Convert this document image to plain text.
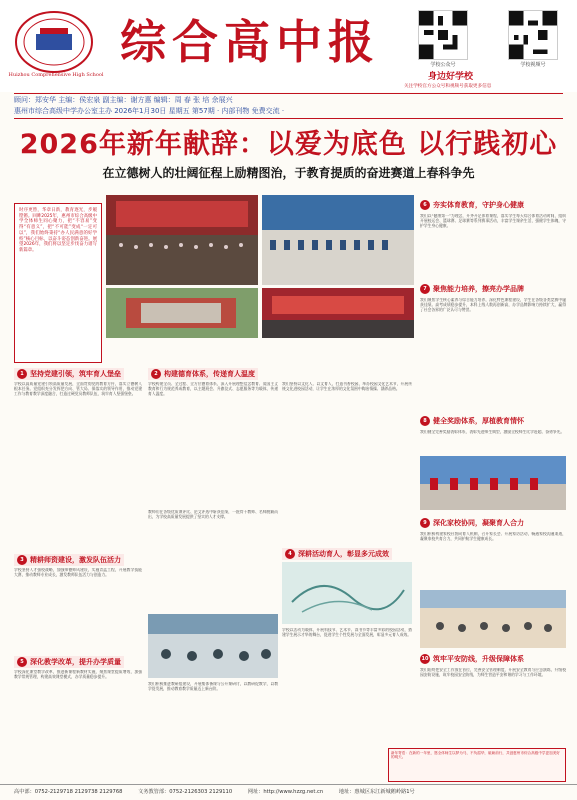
Huizhou Comprehensive High School
综合高中报	学校公众号	学校视频号
身边好学校
关注学校官方公众号和视频号获取更多信息
顾问：郑安华 主编：侯宏泉 副主编：谢方惠 编辑：周 春 张 培 余展兴
惠州市综合高级中学办公室主办 2026年1月30日 星期五 第57期 · 内部刊物 免费交流 ·
2026年新年献辞：以爱为底色 以行践初心
在立德树人的壮阔征程上励精图治，于教育提质的奋进赛道上春科争先
时序更替，华章日新，教育逐光，步履铿锵。回眸2025年，惠州市综合高级中学全体师生同心聚力，把“不容易”变得“有意义”，把“不可能”变成“一定可以”，我们始终秉持“办人民满意的好学校”核心目标，以奋斗姿态创新奋进。展望2026年，我们将以坚定步伐奋力谱写新篇章。
6 夯实体育教育，守护身心健康
我们以“健康第一”为理念，开齐开足体育课程，落实学生每天综合体育活动时间，组织开展校运会、篮球赛、足球赛等系列赛事活动，丰富学生课余生活，强健学生体魄，守护学生身心健康。
7 聚焦能力培养，擦亮办学品牌
我们聚焦学生核心素养与综合能力培养，深化特色课程建设，学生在各级各类竞赛中屡获佳绩。高考成绩稳步提升，本科上线人数再创新高，办学品牌影响力持续扩大，赢得了社会各界的广泛认可与赞誉。
8 健全奖励体系，厚植教育情怀
我们健全完善奖励表彰体系，表彰先进师生典型，激励全校师生比学赶超、奋勇争先。
9 深化家校协同，凝聚育人合力
我们积极构建家校社协同育人机制，召开家长会、开展家访活动，畅通家校沟通渠道，凝聚家校共育合力，共同护航学生健康成长。
10 筑牢平安防线，升级保障体系
我们始终把安全工作放在首位，完善安全管理制度，开展安全教育与应急演练，升级校园安防设施，筑牢校园安全防线，为师生营造平安和谐的学习与工作环境。
1 坚持党建引领，筑牢育人堡垒
学校以高质量党建引领高质量发展，全面贯彻党的教育方针，落实立德树人根本任务。党组织充分发挥把方向、管大局、保落实的领导作用，推动党建工作与教育教学深度融合，打造过硬党员教师队伍，筑牢育人坚强堡垒。
2 构建德育体系，传递育人温度
学校构建全员、全过程、全方位德育体系，深入开展理想信念教育、爱国主义教育和行为规范养成教育，以主题班会、升旗仪式、志愿服务等为载体，传递育人温度。
我们坚持以文化人、以文育人，打造书香校园，举办校园文化艺术节，开展传统文化进校园活动，让学生在浓厚的文化氛围中陶冶情操、涵养品格。
3 精耕师资建设，激发队伍活力
学校坚持人才强校战略，加强师德师风建设，实施青蓝工程，开展教学技能大赛，推动教师专业成长，激发教师队伍活力与创造力。
教师们在各级优质课评比、论文评选中斩获佳绩，一批骨干教师、名师脱颖而出，为学校高质量发展提供了坚实的人才支撑。
4 深耕活动育人，彰显多元成效
学校以活动为载体，开展科技节、艺术节、读书节等丰富多彩的校园活动，搭建学生展示才华的舞台，促进学生个性发展与全面发展，彰显多元育人成效。
5 深化教学改革，提升办学质量
学校深化课堂教学改革，推进新课程新教材实施，聚焦课堂提质增效，加强教学常规管理，构建高效课堂模式，办学质量稳步提升。
我们积极推进教研组建设，开展集体备课与公开课研讨，以教研促教学，以教学促发展，推动教育教学质量迈上新台阶。
新年寄语：在新的一年里，愿全体师生以梦为马，不负韶华，砥砺前行，共创惠州市综合高级中学更加美好的明天。
高中部：0752-2129718 2129738 2129768	文务教管部：0752-2126303 2129110	网址：http://www.hzzg.net.cn	地址：惠城区东江新城鹅岭路1号
